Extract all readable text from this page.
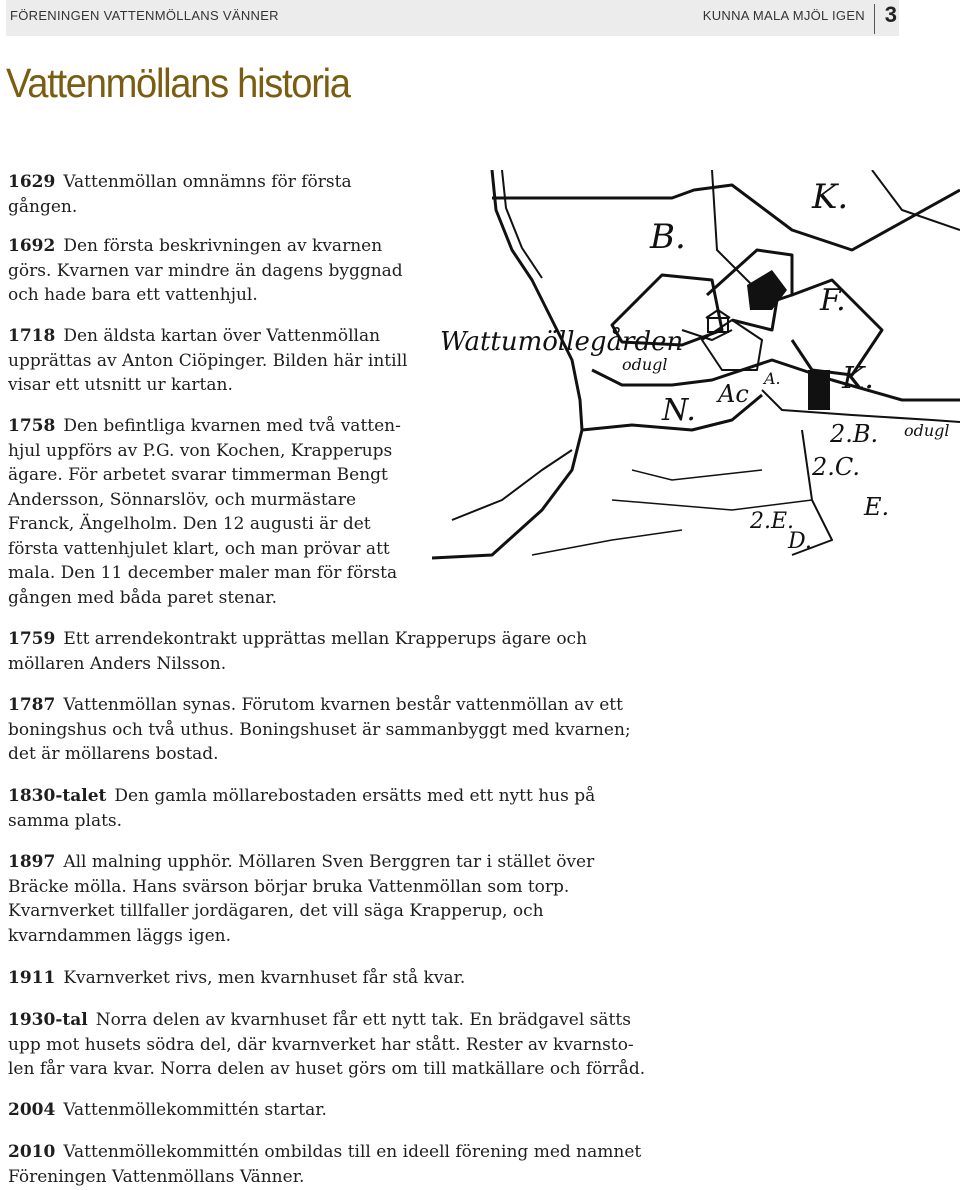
FÖRENINGEN VATTENMÖLLANS VÄNNER	KUNNA MALA MJÖL IGEN 3
Vattenmöllans historia
Wattumöllegården
B.
K.
F.
K.
N. Ac
2.B.
2.C.
E.
2.E.
D.
odugl
odugl
A.

1629 Vattenmöllan omnämns för första gången.

1692 Den första beskrivningen av kvarnen görs. Kvarnen var mindre än dagens byggnad och hade bara ett vattenhjul.

1718 Den äldsta kartan över Vattenmöllan upprättas av Anton Ciöpinger. Bilden här intill visar ett utsnitt ur kartan.

1758 Den befintliga kvarnen med två vatten-hjul uppförs av P.G. von Kochen, Krapperups ägare. För arbetet svarar timmerman Bengt Andersson, Sönnarslöv, och murmästare Franck, Ängelholm. Den 12 augusti är det första vattenhjulet klart, och man prövar att mala. Den 11 december maler man för första gången med båda paret stenar.

1759 Ett arrendekontrakt upprättas mellan Krapperups ägare och möllaren Anders Nilsson.

1787 Vattenmöllan synas. Förutom kvarnen består vattenmöllan av ett boningshus och två uthus. Boningshuset är sammanbyggt med kvarnen; det är möllarens bostad.

1830-talet Den gamla möllarebostaden ersätts med ett nytt hus på samma plats.

1897 All malning upphör. Möllaren Sven Berggren tar i stället över Bräcke mölla. Hans svärson börjar bruka Vattenmöllan som torp. Kvarnverket tillfaller jordägaren, det vill säga Krapperup, och kvarndammen läggs igen.

1911 Kvarnverket rivs, men kvarnhuset får stå kvar.

1930-tal Norra delen av kvarnhuset får ett nytt tak. En brädgavel sätts upp mot husets södra del, där kvarnverket har stått. Rester av kvarnsto-len får vara kvar. Norra delen av huset görs om till matkällare och förråd.

2004 Vattenmöllekommittén startar.

2010 Vattenmöllekommittén ombildas till en ideell förening med namnet Föreningen Vattenmöllans Vänner.
